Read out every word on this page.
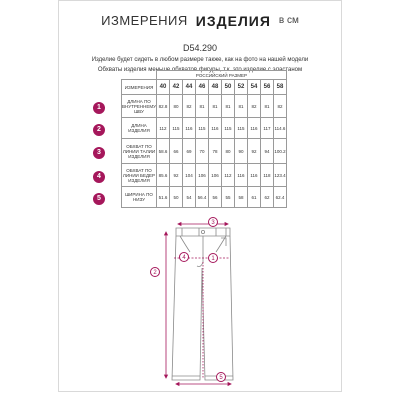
ИЗМЕРЕНИЯ ИЗДЕЛИЯ в см
D54.290
Изделие будет сидеть в любом размере также, как на фото на нашей модели
Обхваты изделия меньше обхватов фигуры, т.к. это изделие с эластаном
	РОССИЙСКИЙ РАЗМЕР									
ИЗМЕРЕНИЯ	40	42	44	46	48	50	52	54	56	58
ДЛИНА ПО ВНУТРЕННЕМУ ШВУ	82.8	80	82	81	81	81	81	82	81	82
ДЛИНА ИЗДЕЛИЯ	112	115	116	115	116	115	115	116	117	114.6
ОБХВАТ ПО ЛИНИИ ТАЛИИ ИЗДЕЛИЯ	58.6	66	69	70	78	80	90	92	94	100.2
ОБХВАТ ПО ЛИНИИ БЕДЕР ИЗДЕЛИЯ	85.6	92	104	106	106	112	116	116	118	123.4
ШИРИНА ПО НИЗУ	51.6	50	54	56.4	56	55	58	61	62	62.4
1
2
3
4
5
3
4
2
1
5
